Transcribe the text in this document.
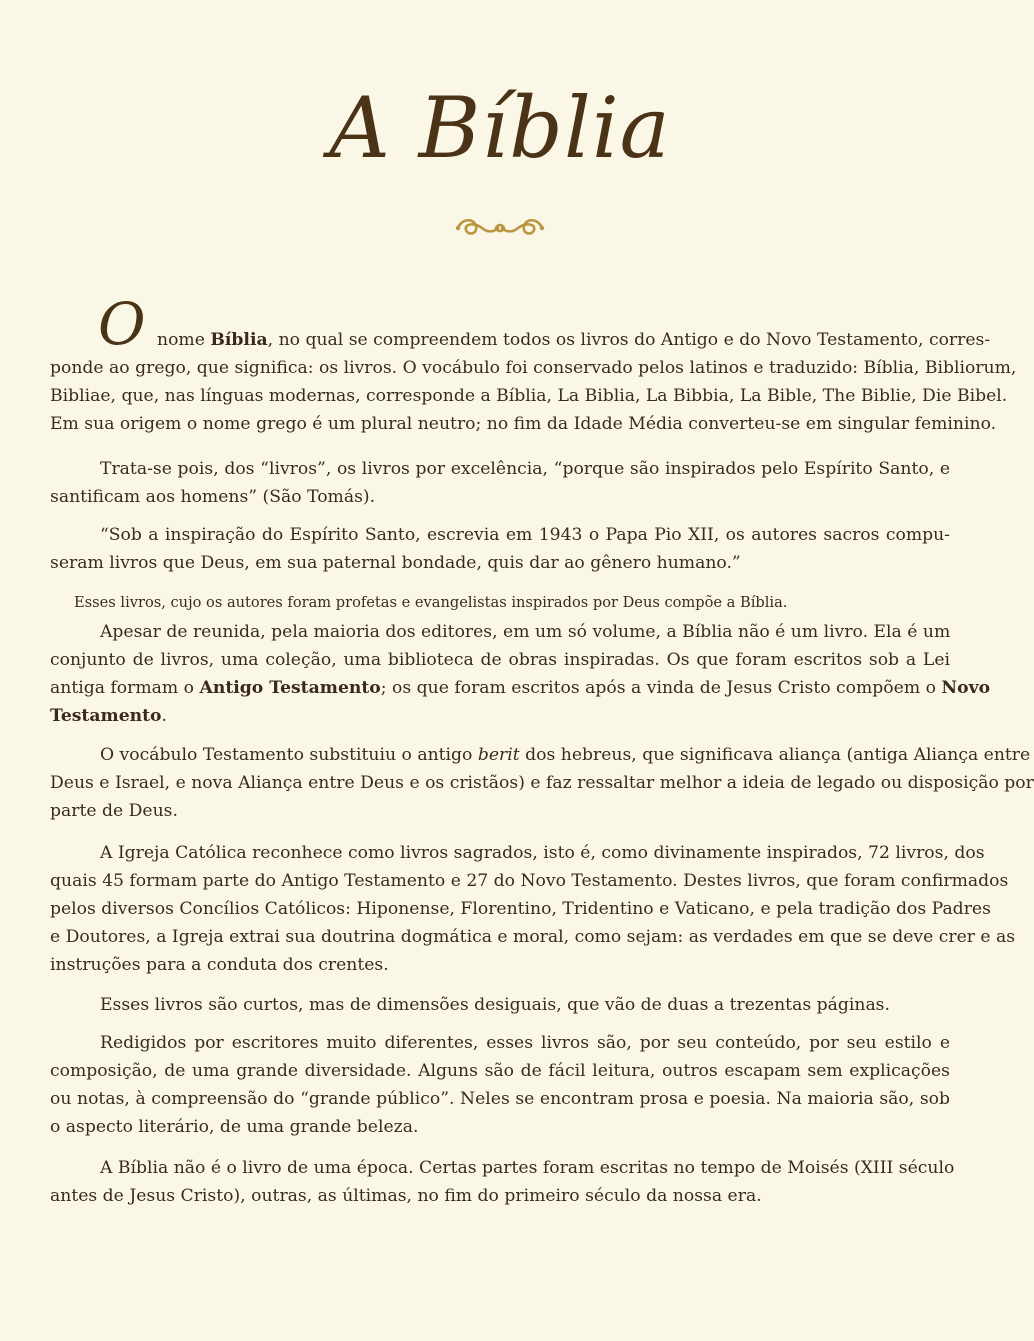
A Bíblia
O nome Bíblia, no qual se compreendem todos os livros do Antigo e do Novo Testamento, corres-
ponde ao grego, que significa: os livros. O vocábulo foi conservado pelos latinos e traduzido: Bíblia, Bibliorum,
Bibliae, que, nas línguas modernas, corresponde a Bíblia, La Biblia, La Bibbia, La Bible, The Biblie, Die Bibel.
Em sua origem o nome grego é um plural neutro; no fim da Idade Média converteu-se em singular feminino.
Trata-se pois, dos “livros”, os livros por excelência, “porque são inspirados pelo Espírito Santo, e
santificam aos homens” (São Tomás).
“Sob a inspiração do Espírito Santo, escrevia em 1943 o Papa Pio XII, os autores sacros compu-
seram livros que Deus, em sua paternal bondade, quis dar ao gênero humano.”
Esses livros, cujo os autores foram profetas e evangelistas inspirados por Deus compõe a Bíblia.
Apesar de reunida, pela maioria dos editores, em um só volume, a Bíblia não é um livro. Ela é um
conjunto de livros, uma coleção, uma biblioteca de obras inspiradas. Os que foram escritos sob a Lei
antiga formam o Antigo Testamento; os que foram escritos após a vinda de Jesus Cristo compõem o Novo
Testamento.
O vocábulo Testamento substituiu o antigo berit dos hebreus, que significava aliança (antiga Aliança entre
Deus e Israel, e nova Aliança entre Deus e os cristãos) e faz ressaltar melhor a ideia de legado ou disposição por
parte de Deus.
A Igreja Católica reconhece como livros sagrados, isto é, como divinamente inspirados, 72 livros, dos
quais 45 formam parte do Antigo Testamento e 27 do Novo Testamento. Destes livros, que foram confirmados
pelos diversos Concílios Católicos: Hiponense, Florentino, Tridentino e Vaticano, e pela tradição dos Padres
e Doutores, a Igreja extrai sua doutrina dogmática e moral, como sejam: as verdades em que se deve crer e as
instruções para a conduta dos crentes.
Esses livros são curtos, mas de dimensões desiguais, que vão de duas a trezentas páginas.
Redigidos por escritores muito diferentes, esses livros são, por seu conteúdo, por seu estilo e
composição, de uma grande diversidade. Alguns são de fácil leitura, outros escapam sem explicações
ou notas, à compreensão do “grande público”. Neles se encontram prosa e poesia. Na maioria são, sob
o aspecto literário, de uma grande beleza.
A Bíblia não é o livro de uma época. Certas partes foram escritas no tempo de Moisés (XIII século
antes de Jesus Cristo), outras, as últimas, no fim do primeiro século da nossa era.
